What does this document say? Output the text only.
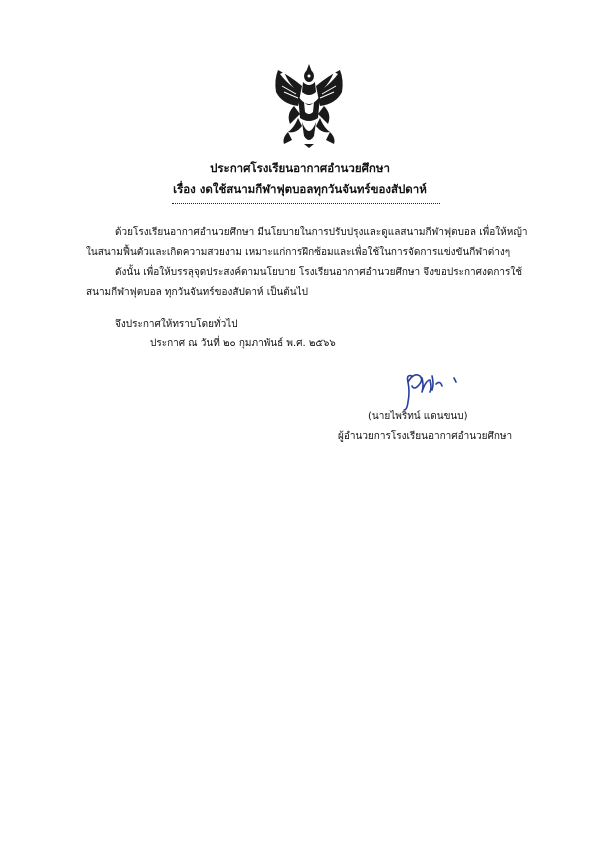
ประกาศโรงเรียนอากาศอำนวยศึกษา
เรื่อง งดใช้สนามกีฬาฟุตบอลทุกวันจันทร์ของสัปดาห์
ด้วยโรงเรียนอากาศอำนวยศึกษา มีนโยบายในการปรับปรุงและดูแลสนามกีฬาฟุตบอล เพื่อให้หญ้า
ในสนามฟื้นตัวและเกิดความสวยงาม เหมาะแก่การฝึกซ้อมและเพื่อใช้ในการจัดการแข่งขันกีฬาต่างๆ
ดังนั้น เพื่อให้บรรลุจุดประสงค์ตามนโยบาย โรงเรียนอากาศอำนวยศึกษา จึงขอประกาศงดการใช้
สนามกีฬาฟุตบอล ทุกวันจันทร์ของสัปดาห์ เป็นต้นไป
จึงประกาศให้ทราบโดยทั่วไป
ประกาศ ณ วันที่ ๒๐ กุมภาพันธ์ พ.ศ. ๒๕๖๖
(นายไพริทน์ แดนขนบ)
ผู้อำนวยการโรงเรียนอากาศอำนวยศึกษา
